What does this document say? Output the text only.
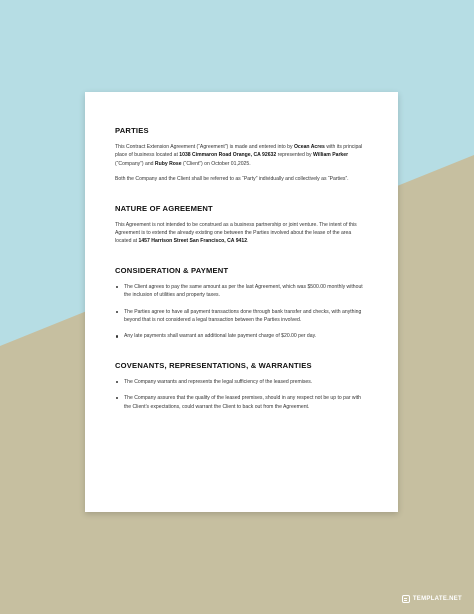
PARTIES

This Contract Extension Agreement (“Agreement”) is made and entered into by Ocean Acres with its principal place of business located at 1038 Cimmaron Road Orange, CA 92632 represented by William Parker (“Company”) and Ruby Rose (“Client”) on October 01,2025.

Both the Company and the Client shall be referred to as “Party” individually and collectively as “Parties”.

NATURE OF AGREEMENT

This Agreement is not intended to be construed as a business partnership or joint venture. The intent of this Agreement is to extend the already existing one between the Parties involved about the lease of the area located at 1457 Harrison Street San Francisco, CA 9412.

CONSIDERATION & PAYMENT
The Client agrees to pay the same amount as per the last Agreement, which was $500.00 monthly without the inclusion of utilities and property taxes.
The Parties agree to have all payment transactions done through bank transfer and checks, with anything beyond that is not considered a legal transaction between the Parties involved.
Any late payments shall warrant an additional late payment charge of $20.00 per day.
COVENANTS, REPRESENTATIONS, & WARRANTIES
The Company warrants and represents the legal sufficiency of the leased premises.
The Company assures that the quality of the leased premises, should in any respect not be up to par with the Client’s expectations, could warrant the Client to back out from the Agreement.
TEMPLATE.NET
